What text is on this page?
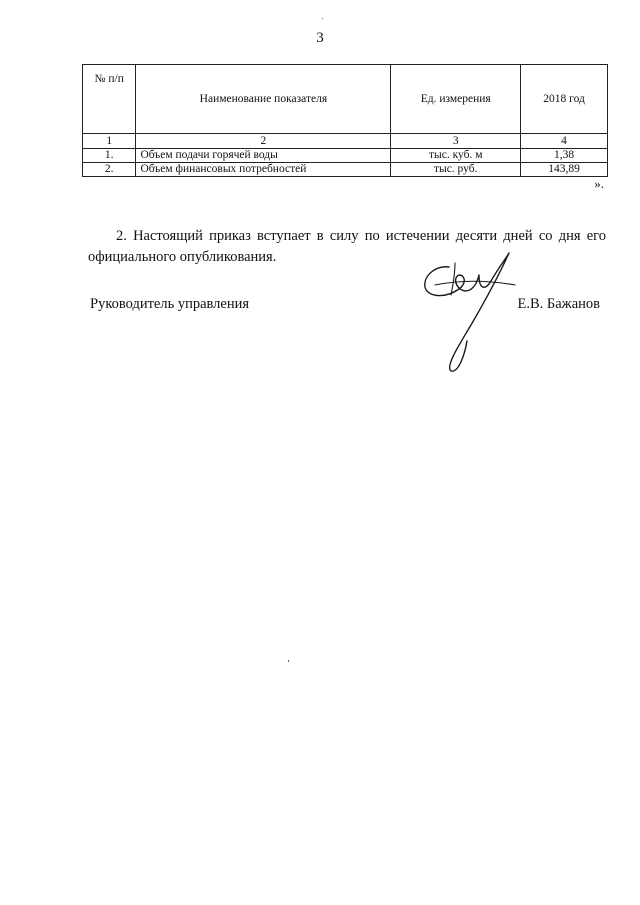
3
№ п/п	Наименование показателя	Ед. измерения	2018 год
1	2	3	4
1.	Объем подачи горячей воды	тыс. куб. м	1,38
2.	Объем финансовых потребностей	тыс. руб.	143,89
».

2. Настоящий приказ вступает в силу по истечении десяти дней со дня его официального опубликования.

Руководитель управления	Е.В. Бажанов
